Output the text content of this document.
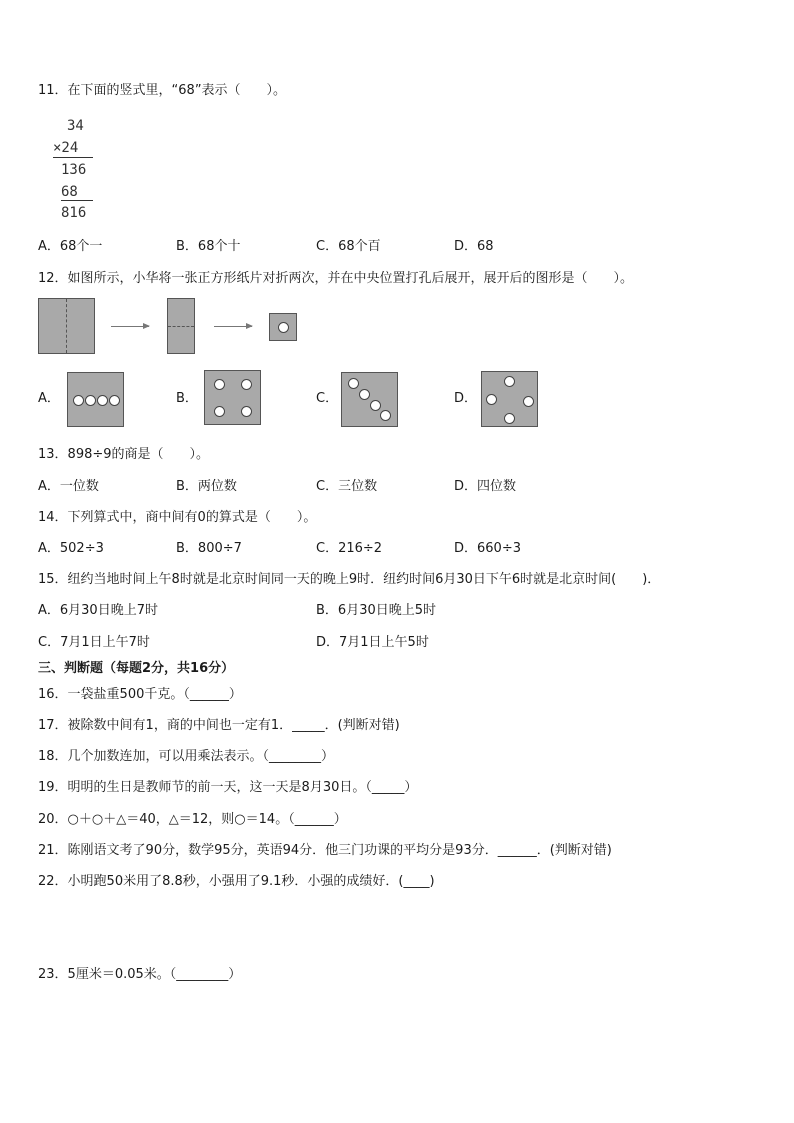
11．在下面的竖式里，“68”表示（　　）。
34
×24
136
68
816
A．68个一	B．68个十	C．68个百	D．68
12．如图所示，小华将一张正方形纸片对折两次，并在中央位置打孔后展开，展开后的图形是（　　）。
A．	B．	C．	D．
13．898÷9的商是（　　）。
A．一位数	B．两位数	C．三位数	D．四位数
14．下列算式中，商中间有0的算式是（　　）。
A．502÷3	B．800÷7	C．216÷2	D．660÷3
15．纽约当地时间上午8时就是北京时间同一天的晚上9时．纽约时间6月30日下午6时就是北京时间(　　)．
A．6月30日晚上7时	B．6月30日晚上5时
C．7月1日上午7时	D．7月1日上午5时
三、判断题（每题2分，共16分）
16．一袋盐重500千克。（______）
17．被除数中间有1，商的中间也一定有1．_____．(判断对错)
18．几个加数连加，可以用乘法表示。（________）
19．明明的生日是教师节的前一天，这一天是8月30日。（_____）
20．○＋○＋△＝40，△＝12，则○＝14。（______）
21．陈刚语文考了90分，数学95分，英语94分．他三门功课的平均分是93分．______．(判断对错)
22．小明跑50米用了8.8秒，小强用了9.1秒．小强的成绩好．(____)
23．5厘米＝0.05米。（________）
